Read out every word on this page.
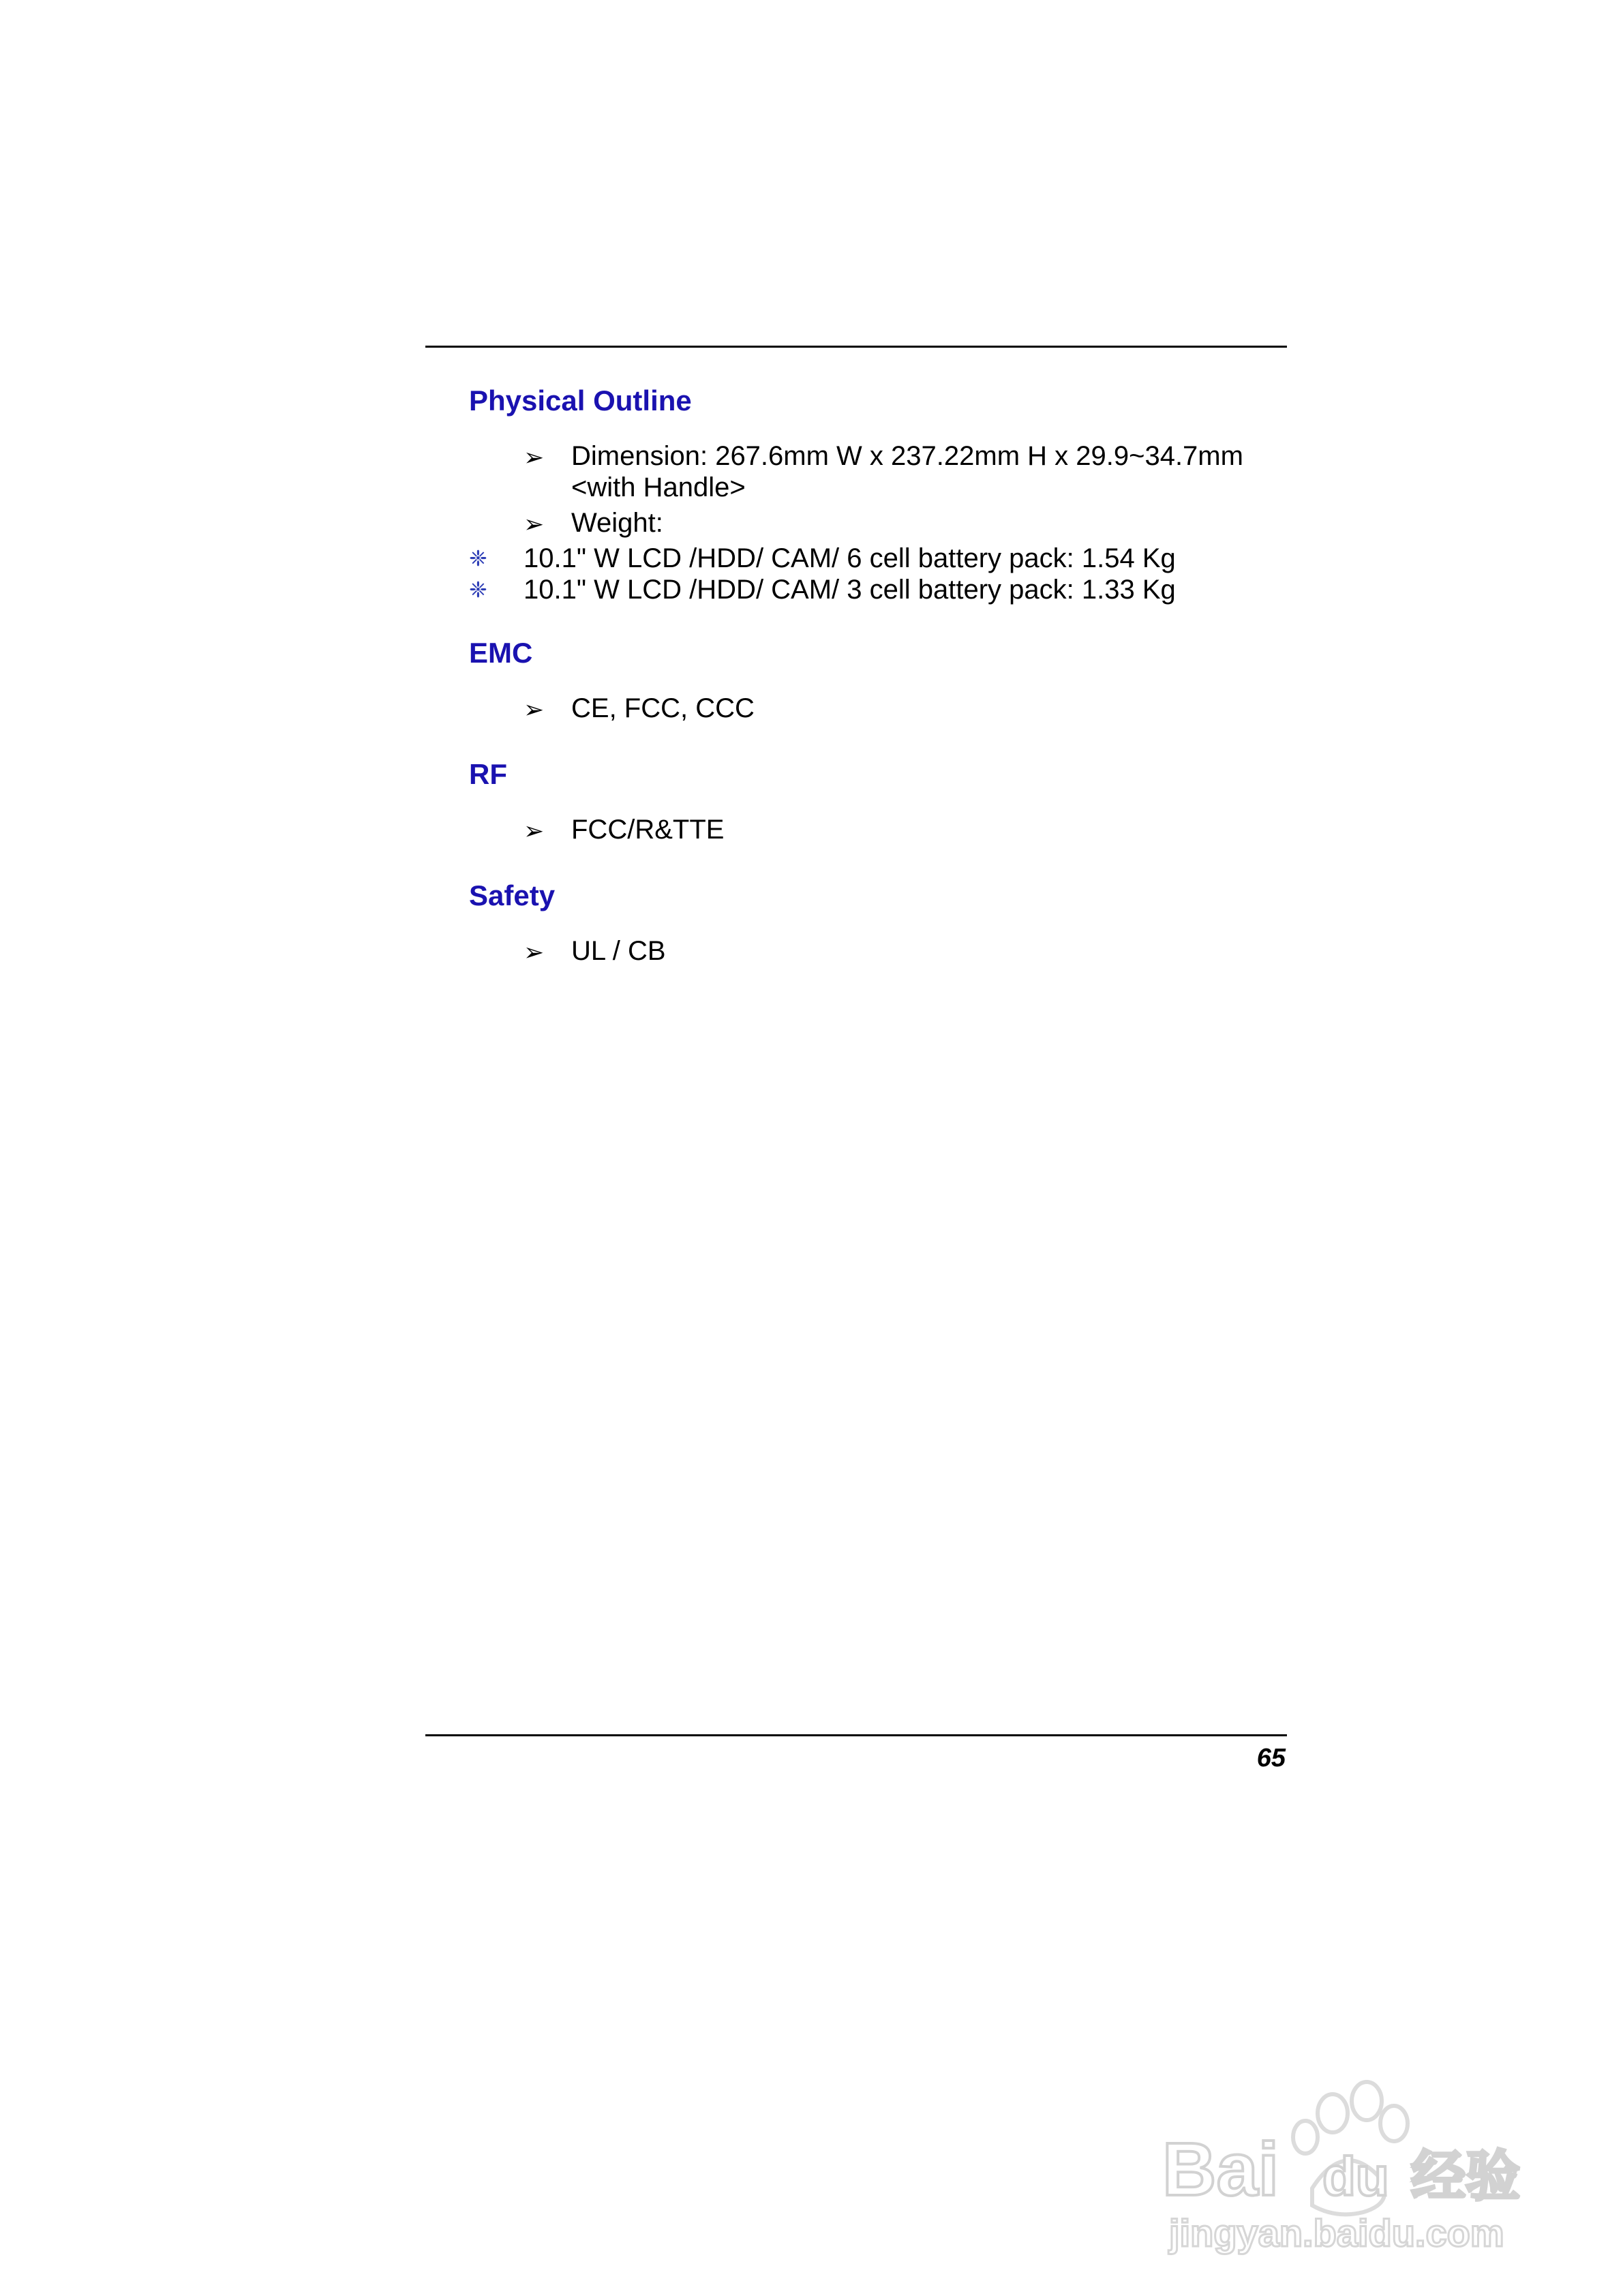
Physical Outline
➢ Dimension: 267.6mm W x 237.22mm H x 29.9~34.7mm
<with Handle>
➢ Weight:
❈ 10.1" W LCD /HDD/ CAM/ 6 cell battery pack: 1.54 Kg
❈ 10.1" W LCD /HDD/ CAM/ 3 cell battery pack: 1.33 Kg
EMC
➢ CE, FCC, CCC
RF
➢ FCC/R&TTE
Safety
➢ UL / CB
65
Bai du 经验
jingyan.baidu.com
